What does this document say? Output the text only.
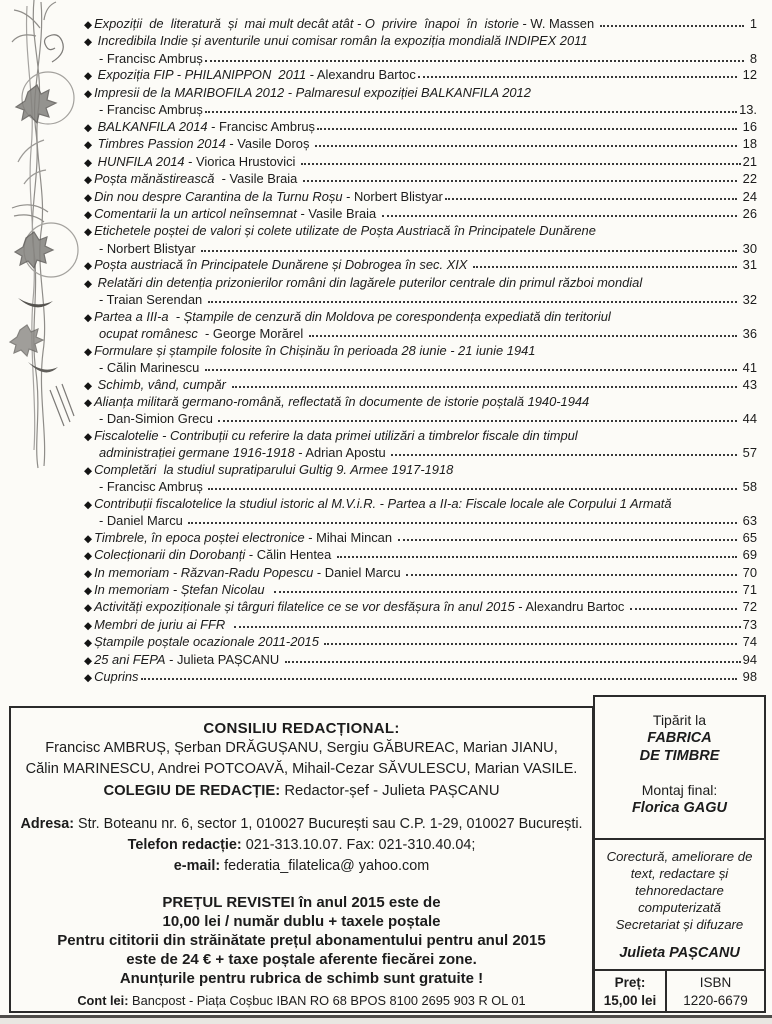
◆ Expoziții  de  literatură  și  mai mult decât atât - O  privire  înapoi  în  istorie - W. Massen	1
◆ Incredibila Indie și aventurile unui comisar român la expoziția mondială INDIPEX 2011
- Francisc Ambruș	8
◆ Expoziția FIP - PHILANIPPON  2011 - Alexandru Bartoc	12
◆ Impresii de la MARIBOFILA 2012 - Palmaresul expoziției BALKANFILA 2012
- Francisc Ambruș	13.
◆ BALKANFILA 2014 - Francisc Ambruș	16
◆ Timbres Passion 2014 - Vasile Doroș	18
◆ HUNFILA 2014 - Viorica Hrustovici	21
◆ Poșta mănăstirească - Vasile Braia	22
◆ Din nou despre Carantina de la Turnu Roșu - Norbert Blistyar	24
◆ Comentarii la un articol neînsemnat - Vasile Braia	26
◆ Etichetele poștei de valori și colete utilizate de Poșta Austriacă în Principatele Dunărene
- Norbert Blistyar	30
◆ Poșta austriacă în Principatele Dunărene și Dobrogea în sec. XIX	31
◆ Relatări din detenția prizonierilor români din lagărele puterilor centrale din primul război mondial
- Traian Serendan	32
◆ Partea a III-a  - Ștampile de cenzură din Moldova pe corespondența expediată din teritoriul
ocupat românesc - George Morărel	36
◆ Formulare și ștampile folosite în Chișinău în perioada 28 iunie - 21 iunie 1941
- Călin Marinescu	41
◆ Schimb, vând, cumpăr	43
◆ Alianța militară germano-română, reflectată în documente de istorie poștală 1940-1944
- Dan-Simion Grecu	44
◆ Fiscalotelie - Contribuții cu referire la data primei utilizări a timbrelor fiscale din timpul
administrației germane 1916-1918 - Adrian Apostu	57
◆ Completări  la studiul supratiparului Gultig 9. Armee 1917-1918
- Francisc Ambruș	58
◆ Contribuții fiscalotelice la studiul istoric al M.V.i.R. - Partea a II-a: Fiscale locale ale Corpului 1 Armată
- Daniel Marcu	63
◆ Timbrele, în epoca poștei electronice - Mihai Mincan	65
◆ Colecționarii din Dorobanți - Călin Hentea	69
◆ In memoriam - Răzvan-Radu Popescu - Daniel Marcu	70
◆ In memoriam - Ștefan Nicolau	71
◆ Activități expoziționale și târguri filatelice ce se vor desfășura în anul 2015 - Alexandru Bartoc	72
◆ Membri de juriu ai FFR	73
◆ Ștampile poștale ocazionale 2011-2015	74
◆ 25 ani FEPA - Julieta PAȘCANU	94
◆ Cuprins	98
CONSILIU REDACȚIONAL:
Francisc AMBRUȘ, Șerban DRĂGUȘANU, Sergiu GĂBUREAC, Marian JIANU,
Călin MARINESCU, Andrei POTCOAVĂ, Mihail-Cezar SĂVULESCU, Marian VASILE.
COLEGIU DE REDACȚIE: Redactor-șef - Julieta PAȘCANU
Adresa: Str. Boteanu nr. 6, sector 1, 010027 București sau C.P. 1-29, 010027 București.
Telefon redacție: 021-313.10.07. Fax: 021-310.40.04;
e-mail: federatia_filatelica@ yahoo.com
PREȚUL REVISTEI în anul 2015 este de
10,00 lei / număr dublu + taxele poștale
Pentru cititorii din străinătate prețul abonamentului pentru anul 2015
este de 24 € + taxe poștale aferente fiecărei zone.
Anunțurile pentru rubrica de schimb sunt gratuite !
Cont lei: Bancpost - Piața Coșbuc IBAN RO 68 BPOS 8100 2695 903 R OL 01
Tipărit la
FABRICA
DE TIMBRE
Montaj final:
Florica GAGU
Corectură, ameliorare de text, redactare și tehnoredactare computerizată
Secretariat și difuzare
Julieta PAȘCANU
Preț:
15,00 lei
ISBN
1220-6679
